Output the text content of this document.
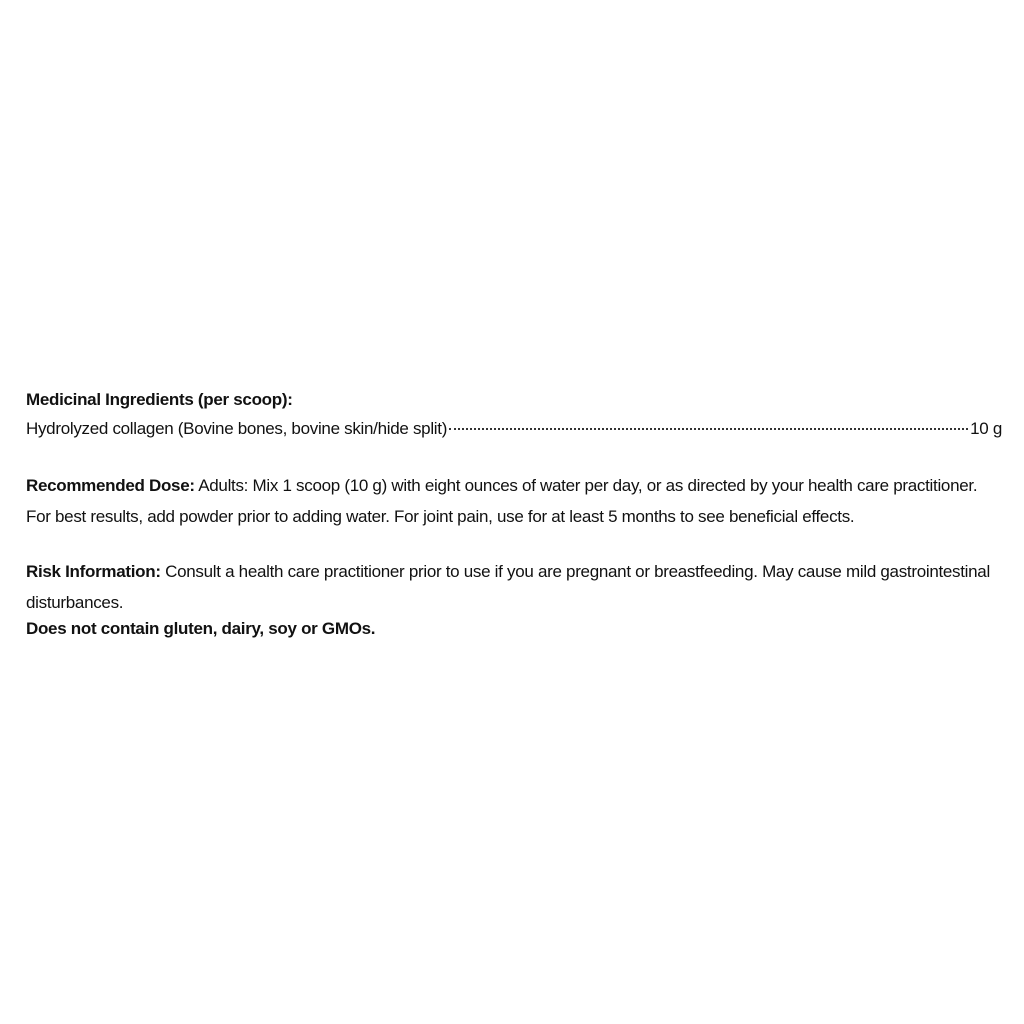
Medicinal Ingredients (per scoop):
Hydrolyzed collagen (Bovine bones, bovine skin/hide split)	10 g
Recommended Dose: Adults: Mix 1 scoop (10 g) with eight ounces of water per day, or as directed by your health care practitioner. For best results, add powder prior to adding water. For joint pain, use for at least 5 months to see beneficial effects.
Risk Information: Consult a health care practitioner prior to use if you are pregnant or breastfeeding. May cause mild gastrointestinal disturbances.
Does not contain gluten, dairy, soy or GMOs.
